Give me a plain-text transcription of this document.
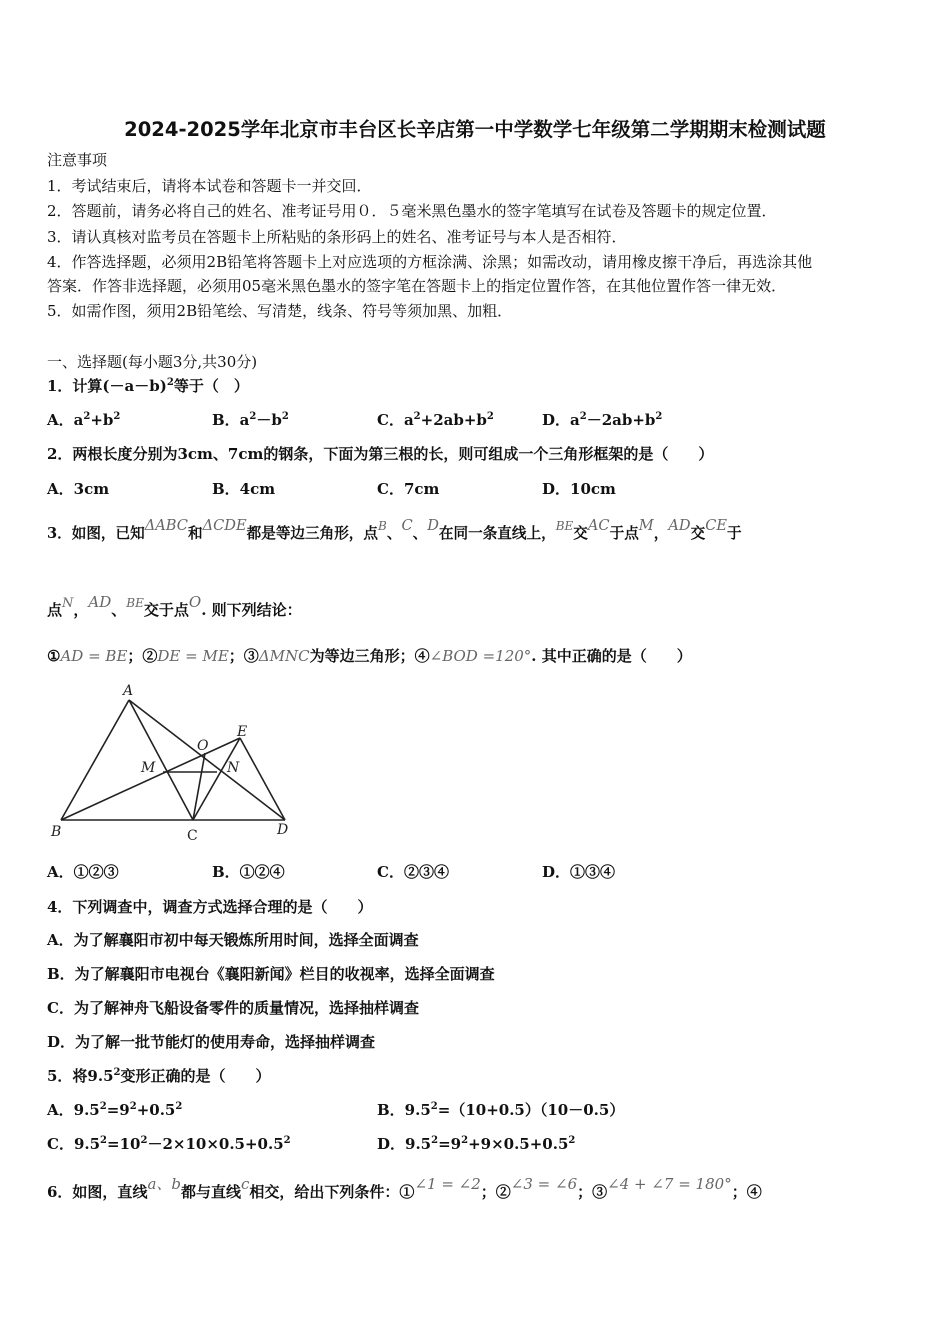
2024-2025学年北京市丰台区长辛店第一中学数学七年级第二学期期末检测试题
注意事项
1．考试结束后，请将本试卷和答题卡一并交回．
2．答题前，请务必将自己的姓名、准考证号用０．５毫米黑色墨水的签字笔填写在试卷及答题卡的规定位置．
3．请认真核对监考员在答题卡上所粘贴的条形码上的姓名、准考证号与本人是否相符．
4．作答选择题，必须用2B铅笔将答题卡上对应选项的方框涂满、涂黑；如需改动，请用橡皮擦干净后，再选涂其他
答案．作答非选择题，必须用05毫米黑色墨水的签字笔在答题卡上的指定位置作答，在其他位置作答一律无效．
5．如需作图，须用2B铅笔绘、写清楚，线条、符号等须加黑、加粗．
一、选择题(每小题3分,共30分)
1．计算$(-a-b)^2$等于（　）
A．$a^2+b^2$	B．$a^2-b^2$	C．$a^2+2ab+b^2$	D．$a^2-2ab+b^2$
2．两根长度分别为3cm、7cm的钢条，下面为第三根的长，则可组成一个三角形框架的是（　　）
A．3cm	B．4cm	C．7cm	D．10cm
3．如图，已知ΔABC和ΔCDE都是等边三角形，点$^B$、C、D在同一条直线上，$^{BE}$交AC于点M，AD交CE于
点N，AD、$^{BE}$交于点O. 则下列结论：
①AD = BE；②DE = ME；③ΔMNC为等边三角形；④∠BOD =120°. 其中正确的是（　　）
A
B	C	D
E
M	N
O
A．①②③	B．①②④	C．②③④	D．①③④
4．下列调查中，调查方式选择合理的是（　　）
A．为了解襄阳市初中每天锻炼所用时间，选择全面调查
B．为了解襄阳市电视台《襄阳新闻》栏目的收视率，选择全面调查
C．为了解神舟飞船设备零件的质量情况，选择抽样调查
D．为了解一批节能灯的使用寿命，选择抽样调查
5．将$9.5^2$变形正确的是（　　）
A．$9.5^2=9^2+0.5^2$	B．$9.5^2=(10+0.5)(10-0.5)$
C．$9.5^2=10^2-2\times 10\times 0.5+0.5^2$	D．$9.5^2=9^2+9\times 0.5+0.5^2$
6．如图，直线a、b都与直线c相交，给出下列条件：①∠1 = ∠2；②∠3 = ∠6；③∠4 + ∠7 = 180°；④
